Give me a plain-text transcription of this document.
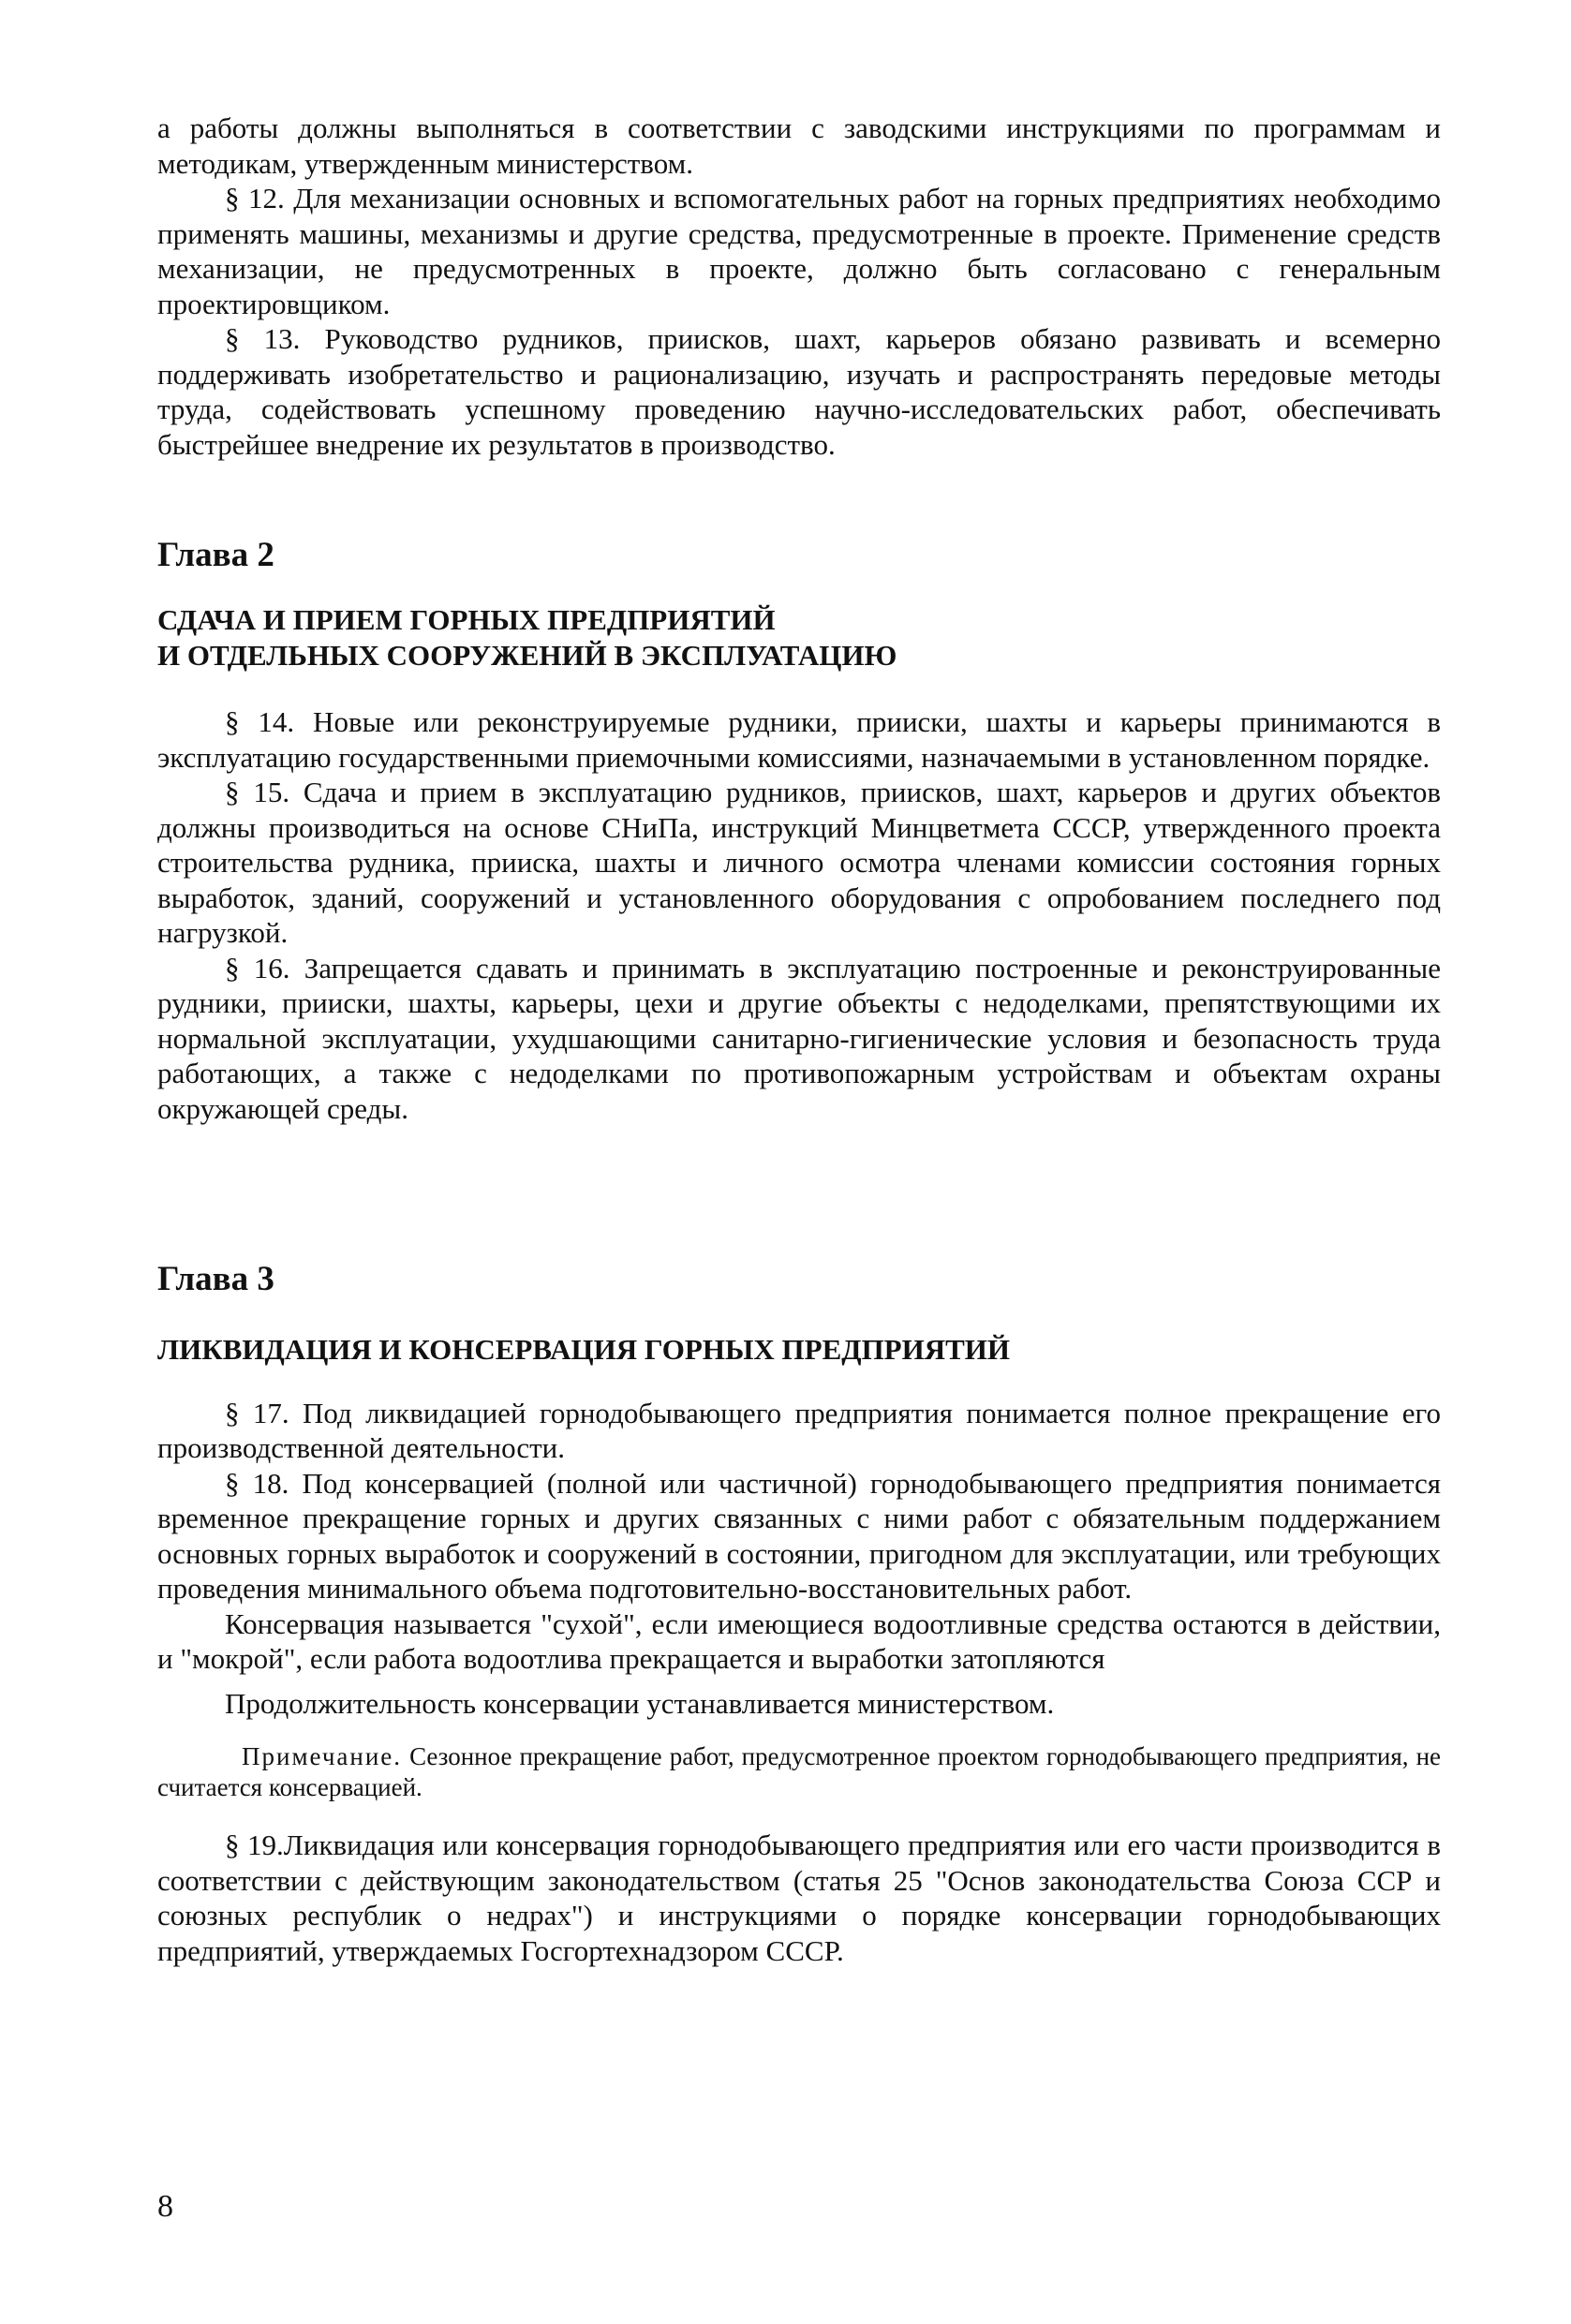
а работы должны выполняться в соответствии с заводскими инструкциями по программам и методикам, утвержденным министерством.

§ 12. Для механизации основных и вспомогательных работ на горных предприятиях необходимо применять машины, механизмы и другие средства, предусмотренные в проекте. Применение средств механизации, не предусмотренных в проекте, должно быть согласовано с генеральным проектировщиком.

§ 13. Руководство рудников, приисков, шахт, карьеров обязано развивать и всемерно поддерживать изобретательство и рационализацию, изучать и распространять передовые методы труда, содействовать успешному проведению научно-исследовательских работ, обеспечивать быстрейшее внедрение их результатов в производство.

Глава 2

СДАЧА И ПРИЕМ ГОРНЫХ ПРЕДПРИЯТИЙ

И ОТДЕЛЬНЫХ СООРУЖЕНИЙ В ЭКСПЛУАТАЦИЮ

§ 14. Новые или реконструируемые рудники, прииски, шахты и карьеры принимаются в эксплуатацию государственными приемочными комиссиями, назначаемыми в установленном порядке.

§ 15. Сдача и прием в эксплуатацию рудников, приисков, шахт, карьеров и других объектов должны производиться на основе СНиПа, инструкций Минцветмета СССР, утвержденного проекта строительства рудника, прииска, шахты и личного осмотра членами комиссии состояния горных выработок, зданий, сооружений и установленного оборудования с опробованием последнего под нагрузкой.

§ 16. Запрещается сдавать и принимать в эксплуатацию построенные и реконструированные рудники, прииски, шахты, карьеры, цехи и другие объекты с недоделками, препятствующими их нормальной эксплуатации, ухудшающими санитарно-гигиенические условия и безопасность труда работающих, а также с недоделками по противопожарным устройствам и объектам охраны окружающей среды.

Глава 3

ЛИКВИДАЦИЯ И КОНСЕРВАЦИЯ ГОРНЫХ ПРЕДПРИЯТИЙ

§ 17. Под ликвидацией горнодобывающего предприятия понимается полное прекращение его производственной деятельности.

§ 18. Под консервацией (полной или частичной) горнодобывающего предприятия понимается временное прекращение горных и других связанных с ними работ с обязательным поддержанием основных горных выработок и сооружений в состоянии, пригодном для эксплуатации, или требующих проведения минимального объема подготовительно-восстановительных работ.

Консервация называется "сухой", если имеющиеся водоотливные средства остаются в действии, и "мокрой", если работа водоотлива прекращается и выработки затопляются

Продолжительность консервации устанавливается министерством.

Примечание. Сезонное прекращение работ, предусмотренное проектом горнодобывающего предприятия, не считается консервацией.

§ 19.Ликвидация или консервация горнодобывающего предприятия или его части производится в соответствии с действующим законодательством (статья 25 "Основ законодательства Союза ССР и союзных республик о недрах") и инструкциями о порядке консервации горнодобывающих предприятий, утверждаемых Госгортехнадзором СССР.

8
